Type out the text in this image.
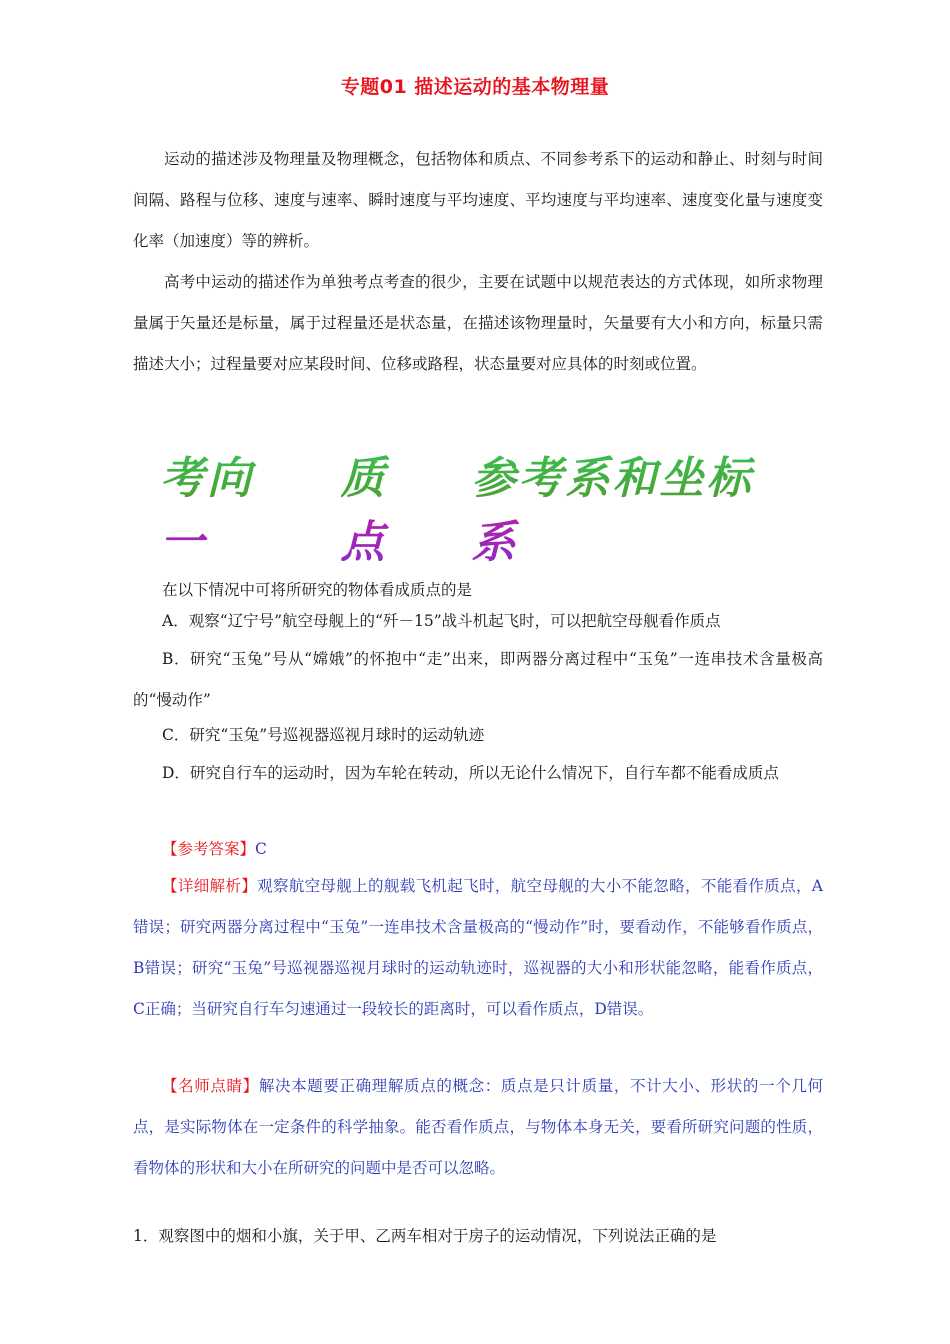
专题01 描述运动的基本物理量

运动的描述涉及物理量及物理概念，包括物体和质点、不同参考系下的运动和静止、时刻与时间间隔、路程与位移、速度与速率、瞬时速度与平均速度、平均速度与平均速率、速度变化量与速度变化率（加速度）等的辨析。

高考中运动的描述作为单独考点考查的很少，主要在试题中以规范表达的方式体现，如所求物理量属于矢量还是标量，属于过程量还是状态量，在描述该物理量时，矢量要有大小和方向，标量只需描述大小；过程量要对应某段时间、位移或路程，状态量要对应具体的时刻或位置。

考向一
质点
参考系和坐标系
在以下情况中可将所研究的物体看成质点的是

A．观察“辽宁号”航空母舰上的“歼－15”战斗机起飞时，可以把航空母舰看作质点

B．研究“玉兔”号从“嫦娥”的怀抱中“走”出来，即两器分离过程中“玉兔”一连串技术含量极高的“慢动作”

C．研究“玉兔”号巡视器巡视月球时的运动轨迹

D．研究自行车的运动时，因为车轮在转动，所以无论什么情况下，自行车都不能看成质点

【参考答案】C

【详细解析】观察航空母舰上的舰载飞机起飞时，航空母舰的大小不能忽略，不能看作质点，A错误；研究两器分离过程中“玉兔”一连串技术含量极高的“慢动作”时，要看动作，不能够看作质点，B错误；研究“玉兔”号巡视器巡视月球时的运动轨迹时，巡视器的大小和形状能忽略，能看作质点，C正确；当研究自行车匀速通过一段较长的距离时，可以看作质点，D错误。

【名师点睛】解决本题要正确理解质点的概念：质点是只计质量，不计大小、形状的一个几何点，是实际物体在一定条件的科学抽象。能否看作质点，与物体本身无关，要看所研究问题的性质，看物体的形状和大小在所研究的问题中是否可以忽略。

1．观察图中的烟和小旗，关于甲、乙两车相对于房子的运动情况，下列说法正确的是
